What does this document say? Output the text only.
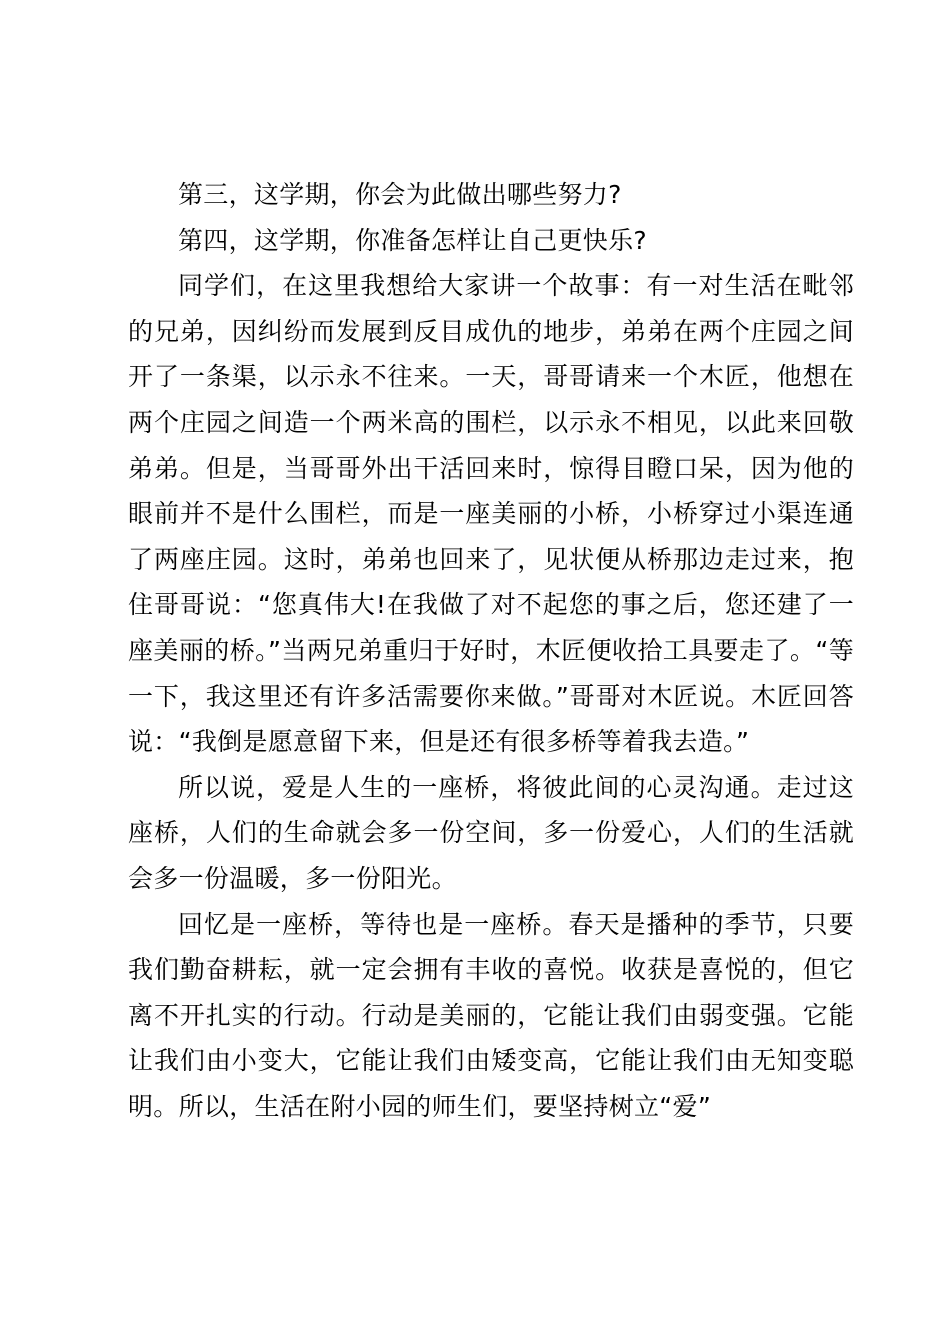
第三，这学期，你会为此做出哪些努力?

第四，这学期，你准备怎样让自己更快乐?

同学们，在这里我想给大家讲一个故事：有一对生活在毗邻的兄弟，因纠纷而发展到反目成仇的地步，弟弟在两个庄园之间开了一条渠，以示永不往来。一天，哥哥请来一个木匠，他想在两个庄园之间造一个两米高的围栏，以示永不相见，以此来回敬弟弟。但是，当哥哥外出干活回来时，惊得目瞪口呆，因为他的眼前并不是什么围栏，而是一座美丽的小桥，小桥穿过小渠连通了两座庄园。这时，弟弟也回来了，见状便从桥那边走过来，抱住哥哥说：“您真伟大!在我做了对不起您的事之后，您还建了一座美丽的桥。”当两兄弟重归于好时，木匠便收拾工具要走了。“等一下，我这里还有许多活需要你来做。”哥哥对木匠说。木匠回答说：“我倒是愿意留下来，但是还有很多桥等着我去造。”

所以说，爱是人生的一座桥，将彼此间的心灵沟通。走过这座桥，人们的生命就会多一份空间，多一份爱心，人们的生活就会多一份温暖，多一份阳光。

回忆是一座桥，等待也是一座桥。春天是播种的季节，只要我们勤奋耕耘，就一定会拥有丰收的喜悦。收获是喜悦的，但它离不开扎实的行动。行动是美丽的，它能让我们由弱变强。它能让我们由小变大，它能让我们由矮变高，它能让我们由无知变聪明。所以，生活在附小园的师生们，要坚持树立“爱”
